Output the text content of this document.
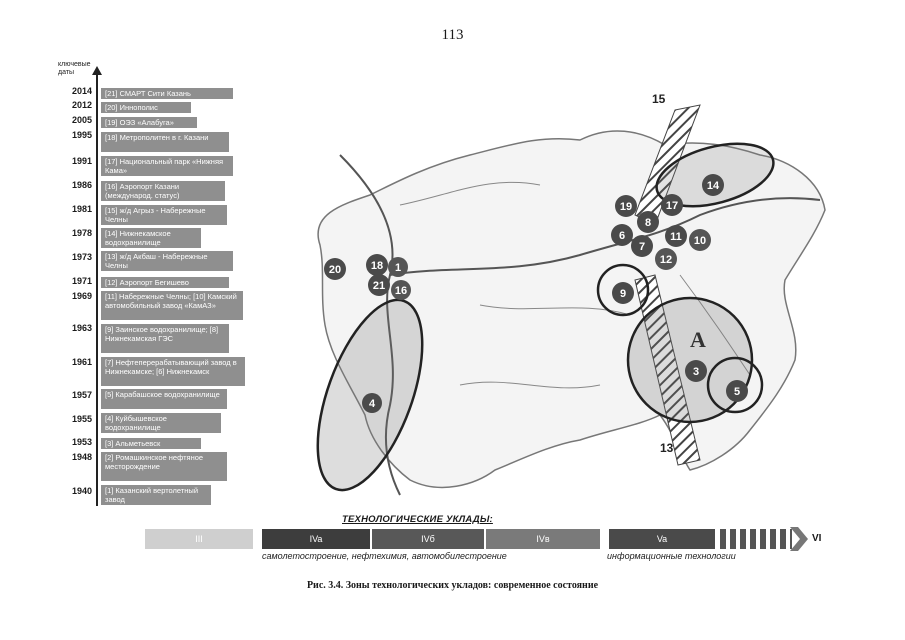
113
ключевые даты
2014	[21] СМАРТ Сити Казань
2012	[20] Иннополис
2005	[19] ОЭЗ «Алабуга»
1995	[18] Метрополитен в г. Казани
1991	[17] Национальный парк «Нижняя Кама»
1986	[16] Аэропорт Казани (международ. статус)
1981	[15] ж/д Агрыз - Набережные Челны
1978	[14] Нижнекамское водохранилище
1973	[13] ж/д Акбаш - Набережные Челны
1971	[12] Аэропорт Бегишево
1969	[11] Набережные Челны; [10] Камский автомобильный завод «КамАЗ»
1963	[9] Заинское водохранилище; [8] Нижнекамская ГЭС
1961	[7] Нефтеперерабатывающий завод в Нижнекамске; [6] Нижнекамск
1957	[5] Карабашское водохранилище
1955	[4] Куйбышевское водохранилище
1953	[3] Альметьевск
1948	[2] Ромашкинское нефтяное месторождение
1940	[1] Казанский вертолетный завод
A
15
13
20	18 1
21 16
19	17
8
6	11 10
7
12
9
14
4
3
5
ТЕХНОЛОГИЧЕСКИЕ УКЛАДЫ:
III	IVa	IVб	IVв	Va	VI
самолетостроение, нефтехимия, автомобилестроение	информационные технологии
Рис. 3.4. Зоны технологических укладов: современное состояние
